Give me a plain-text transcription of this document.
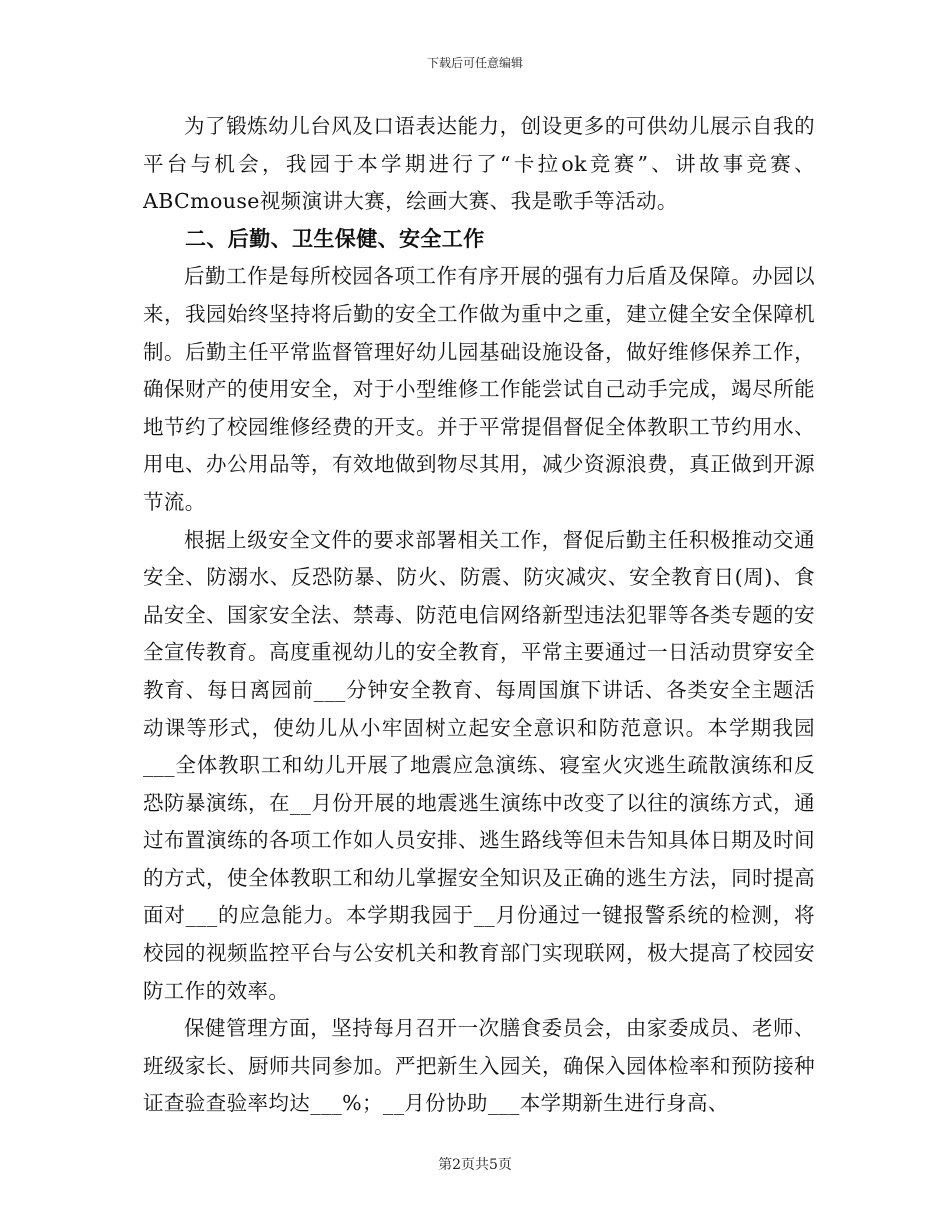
下载后可任意编辑

为了锻炼幼儿台风及口语表达能力，创设更多的可供幼儿展示自我的平台与机会，我园于本学期进行了“卡拉ok竞赛”、讲故事竞赛、ABCmouse视频演讲大赛，绘画大赛、我是歌手等活动。

二、后勤、卫生保健、安全工作

后勤工作是每所校园各项工作有序开展的强有力后盾及保障。办园以来，我园始终坚持将后勤的安全工作做为重中之重，建立健全安全保障机制。后勤主任平常监督管理好幼儿园基础设施设备，做好维修保养工作，确保财产的使用安全，对于小型维修工作能尝试自己动手完成，竭尽所能地节约了校园维修经费的开支。并于平常提倡督促全体教职工节约用水、用电、办公用品等，有效地做到物尽其用，减少资源浪费，真正做到开源节流。

根据上级安全文件的要求部署相关工作，督促后勤主任积极推动交通安全、防溺水、反恐防暴、防火、防震、防灾减灾、安全教育日(周)、食品安全、国家安全法、禁毒、防范电信网络新型违法犯罪等各类专题的安全宣传教育。高度重视幼儿的安全教育，平常主要通过一日活动贯穿安全教育、每日离园前___分钟安全教育、每周国旗下讲话、各类安全主题活动课等形式，使幼儿从小牢固树立起安全意识和防范意识。本学期我园___全体教职工和幼儿开展了地震应急演练、寝室火灾逃生疏散演练和反恐防暴演练，在__月份开展的地震逃生演练中改变了以往的演练方式，通过布置演练的各项工作如人员安排、逃生路线等但未告知具体日期及时间的方式，使全体教职工和幼儿掌握安全知识及正确的逃生方法，同时提高面对___的应急能力。本学期我园于__月份通过一键报警系统的检测，将校园的视频监控平台与公安机关和教育部门实现联网，极大提高了校园安防工作的效率。

保健管理方面，坚持每月召开一次膳食委员会，由家委成员、老师、班级家长、厨师共同参加。严把新生入园关，确保入园体检率和预防接种证查验查验率均达___%；__月份协助___本学期新生进行身高、

第2页共5页
